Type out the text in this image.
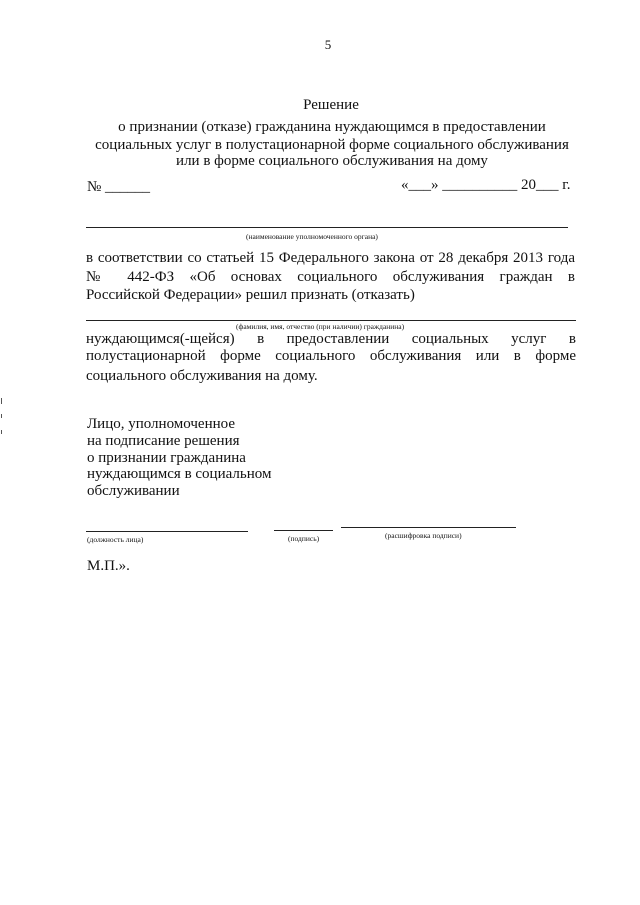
5
Решение
о признании (отказе) гражданина нуждающимся в предоставлении
социальных услуг в полустационарной форме социального обслуживания
или в форме социального обслуживания на дому
№ ______	«___» __________ 20___ г.
(наименование уполномоченного органа)
в соответствии со статьей 15 Федерального закона от 28 декабря 2013 года
№ 442-ФЗ «Об основах социального обслуживания граждан в
Российской Федерации» решил признать (отказать)
(фамилия, имя, отчество (при наличии) гражданина)
нуждающимся(-щейся) в предоставлении социальных услуг в
полустационарной форме социального обслуживания или в форме
социального обслуживания на дому.
Лицо, уполномоченное
на подписание решения
о признании гражданина
нуждающимся в социальном
обслуживании
(должность лица)	(подпись)	(расшифровка подписи)
М.П.».
